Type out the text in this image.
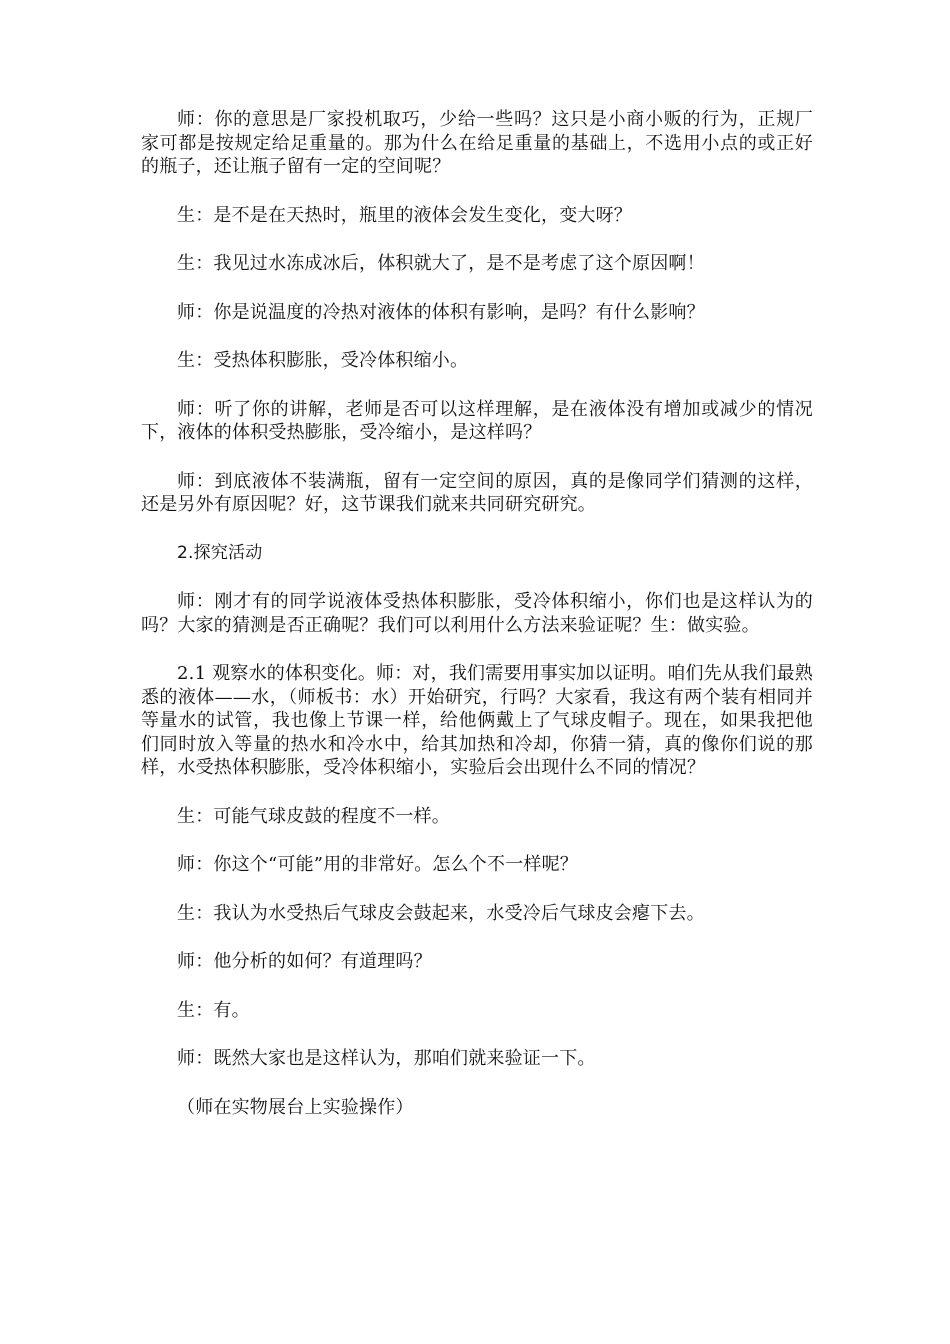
师：你的意思是厂家投机取巧，少给一些吗？这只是小商小贩的行为，正规厂家可都是按规定给足重量的。那为什么在给足重量的基础上，不选用小点的或正好的瓶子，还让瓶子留有一定的空间呢？

生：是不是在天热时，瓶里的液体会发生变化，变大呀？

生：我见过水冻成冰后，体积就大了，是不是考虑了这个原因啊！

师：你是说温度的冷热对液体的体积有影响，是吗？有什么影响？

生：受热体积膨胀，受冷体积缩小。

师：听了你的讲解，老师是否可以这样理解，是在液体没有增加或减少的情况下，液体的体积受热膨胀，受冷缩小，是这样吗？

师：到底液体不装满瓶，留有一定空间的原因，真的是像同学们猜测的这样，还是另外有原因呢？好，这节课我们就来共同研究研究。

2.探究活动

师：刚才有的同学说液体受热体积膨胀，受冷体积缩小，你们也是这样认为的吗？大家的猜测是否正确呢？我们可以利用什么方法来验证呢？生：做实验。

2.1 观察水的体积变化。师：对，我们需要用事实加以证明。咱们先从我们最熟悉的液体——水，（师板书：水）开始研究，行吗？大家看，我这有两个装有相同并等量水的试管，我也像上节课一样，给他俩戴上了气球皮帽子。现在，如果我把他们同时放入等量的热水和冷水中，给其加热和冷却，你猜一猜，真的像你们说的那样，水受热体积膨胀，受冷体积缩小，实验后会出现什么不同的情况？

生：可能气球皮鼓的程度不一样。

师：你这个“可能”用的非常好。怎么个不一样呢？

生：我认为水受热后气球皮会鼓起来，水受冷后气球皮会瘪下去。

师：他分析的如何？有道理吗？

生：有。

师：既然大家也是这样认为，那咱们就来验证一下。

（师在实物展台上实验操作）
